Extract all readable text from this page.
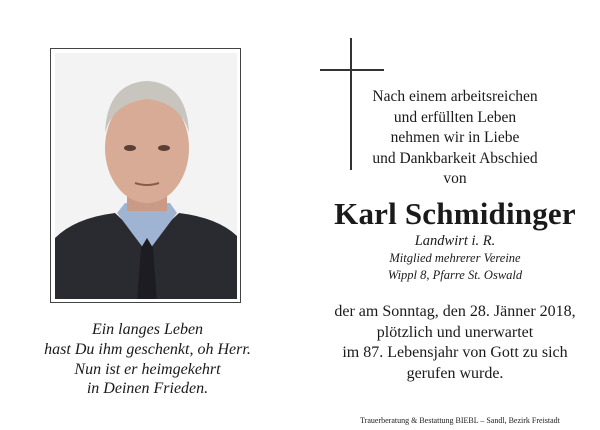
Nach einem arbeitsreichen
und erfüllten Leben
nehmen wir in Liebe
und Dankbarkeit Abschied
von
Karl Schmidinger
Landwirt i. R.
Mitglied mehrerer Vereine
Wippl 8, Pfarre St. Oswald
der am Sonntag, den 28. Jänner 2018,
plötzlich und unerwartet
im 87. Lebensjahr von Gott zu sich
gerufen wurde.
Ein langes Leben
hast Du ihm geschenkt, oh Herr.
Nun ist er heimgekehrt
in Deinen Frieden.
Trauerberatung & Bestattung BIEBL – Sandl, Bezirk Freistadt
